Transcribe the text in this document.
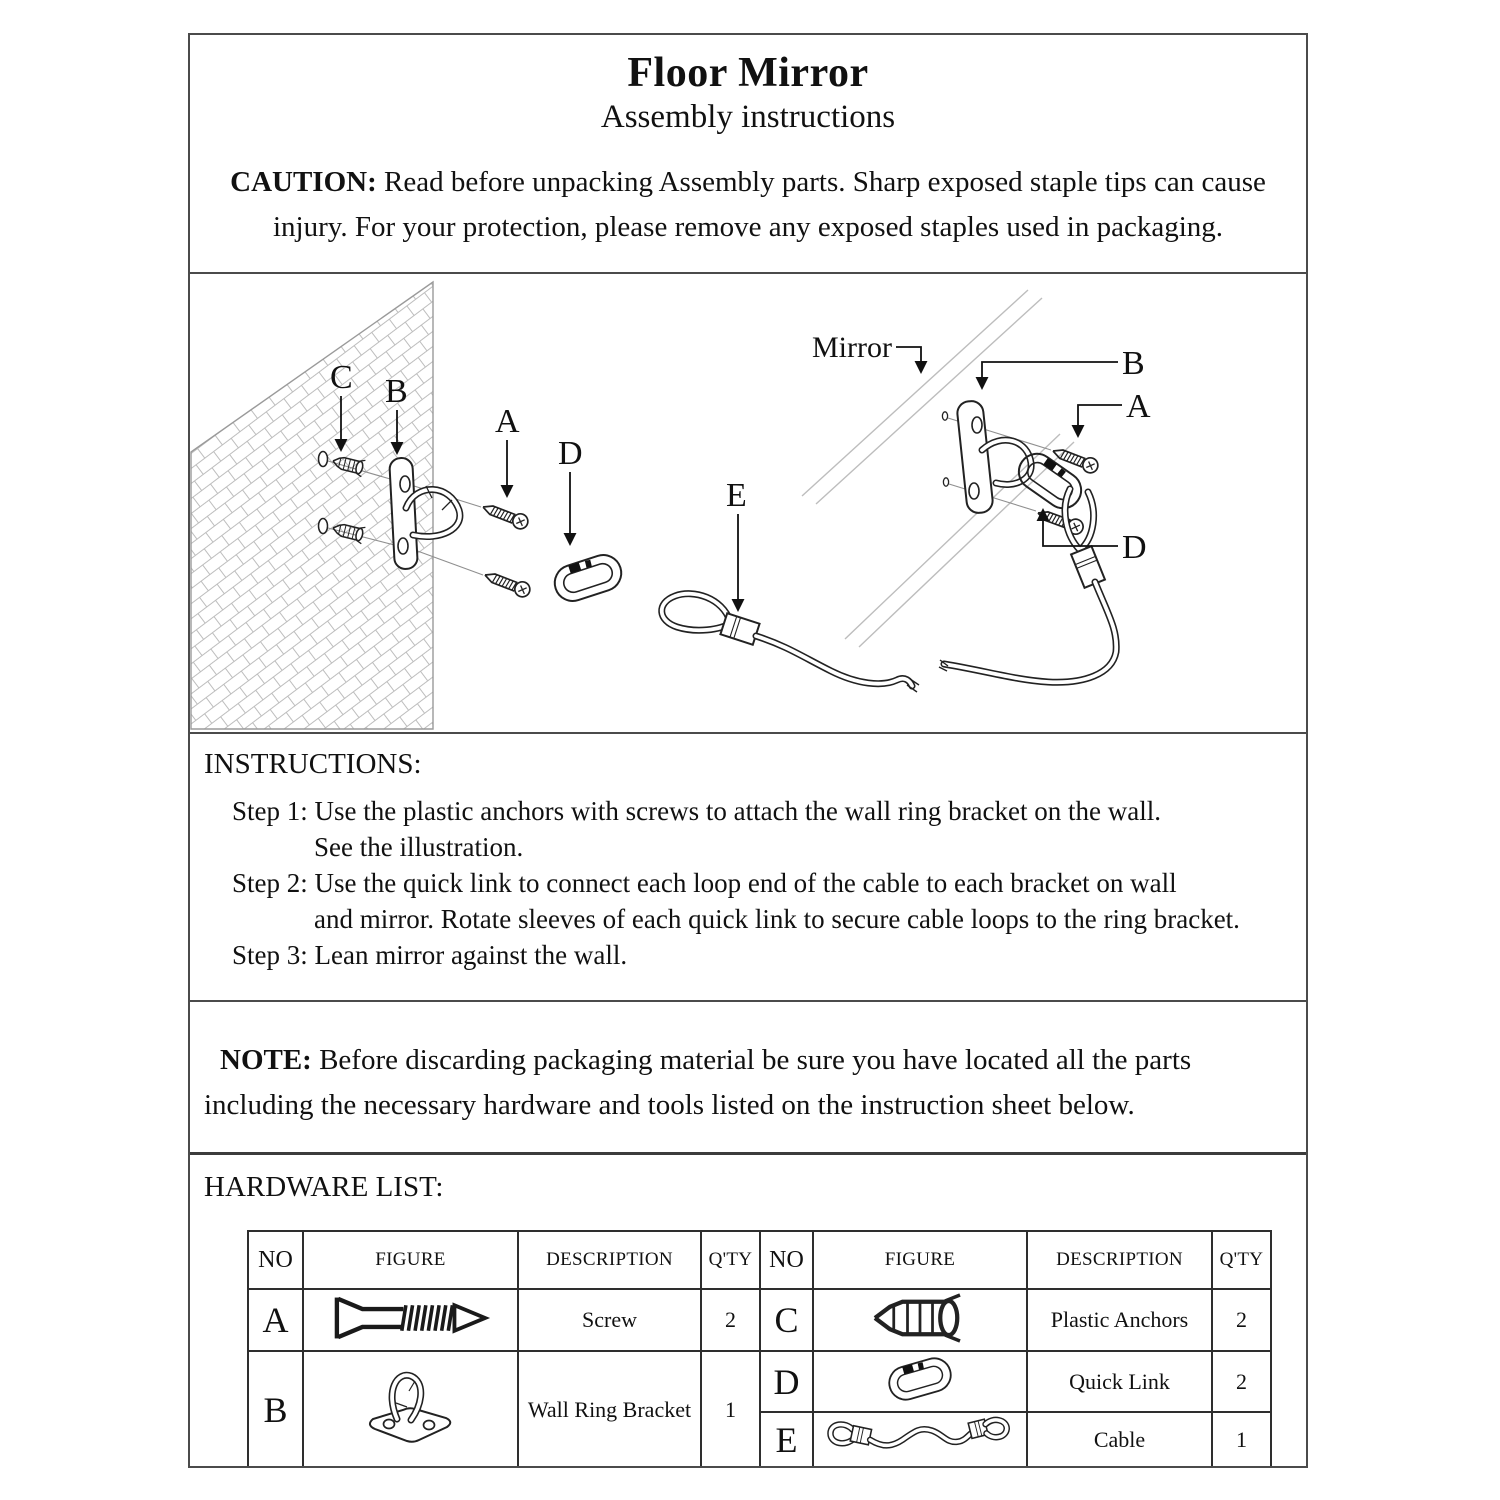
Floor Mirror
Assembly instructions
CAUTION: Read before unpacking Assembly parts. Sharp exposed staple tips can cause
injury. For your protection, please remove any exposed staples used in packaging.
C B
A
D
E
Mirror	B
A
D
INSTRUCTIONS:
Step 1: Use the plastic anchors with screws to attach the wall ring bracket on the wall.
See the illustration.
Step 2: Use the quick link to connect each loop end of the cable to each bracket on wall
and mirror. Rotate sleeves of each quick link to secure cable loops to the ring bracket.
Step 3: Lean mirror against the wall.
NOTE: Before discarding packaging material be sure you have located all the parts
including the necessary hardware and tools listed on the instruction sheet below.
HARDWARE LIST:
NO	FIGURE	DESCRIPTION	Q'TY	NO	FIGURE	DESCRIPTION	Q'TY
A		Screw	2	C		Plastic Anchors	2
B		Wall Ring Bracket	1	D		Quick Link	2
				E		Cable	1
